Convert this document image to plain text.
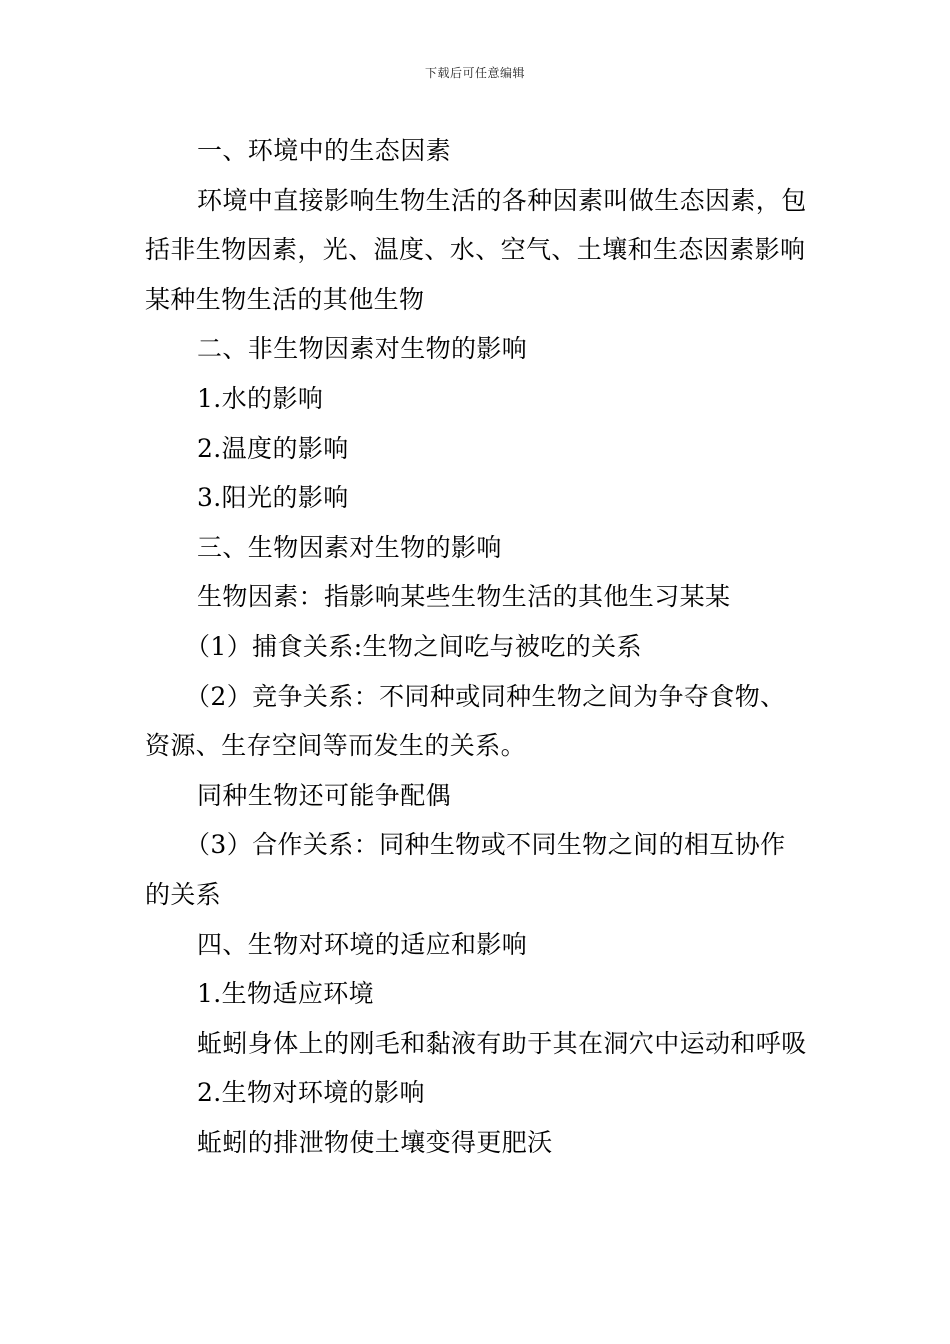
下载后可任意编辑

一、环境中的生态因素

环境中直接影响生物生活的各种因素叫做生态因素，包括非生物因素，光、温度、水、空气、土壤和生态因素影响某种生物生活的其他生物

二、非生物因素对生物的影响

1.水的影响

2.温度的影响

3.阳光的影响

三、生物因素对生物的影响

生物因素：指影响某些生物生活的其他生习某某

（1）捕食关系:生物之间吃与被吃的关系

（2）竞争关系：不同种或同种生物之间为争夺食物、资源、生存空间等而发生的关系。

同种生物还可能争配偶

（3）合作关系：同种生物或不同生物之间的相互协作的关系

四、生物对环境的适应和影响

1.生物适应环境

蚯蚓身体上的刚毛和黏液有助于其在洞穴中运动和呼吸

2.生物对环境的影响

蚯蚓的排泄物使土壤变得更肥沃
